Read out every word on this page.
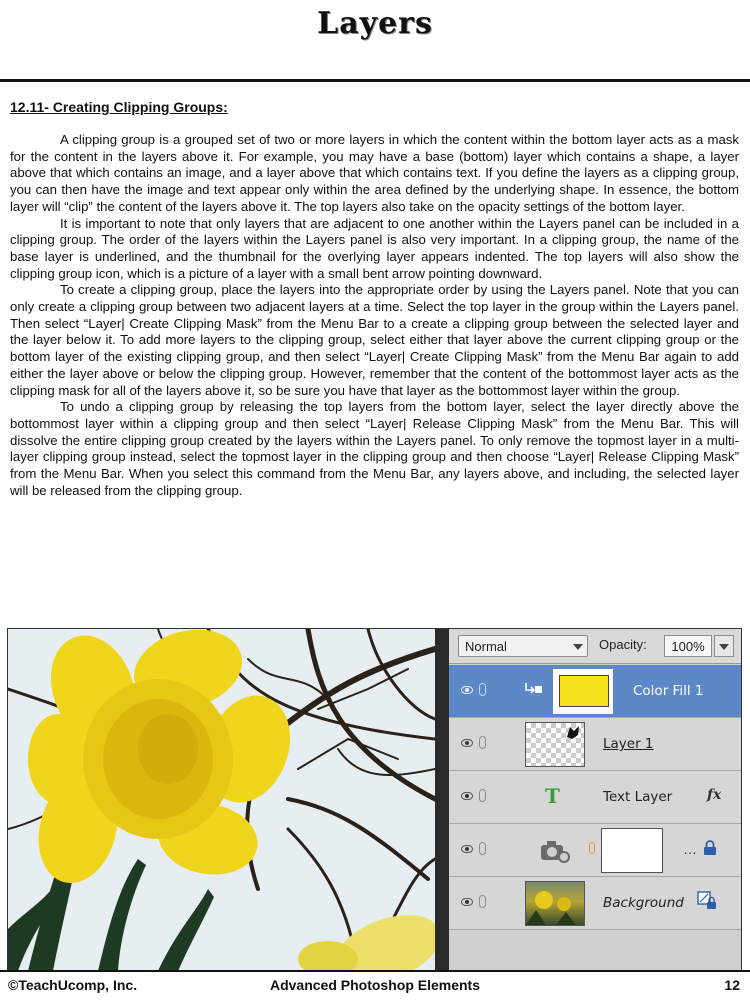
Layers
12.11- Creating Clipping Groups:

A clipping group is a grouped set of two or more layers in which the content within the bottom layer acts as a mask for the content in the layers above it. For example, you may have a base (bottom) layer which contains a shape, a layer above that which contains an image, and a layer above that which contains text. If you define the layers as a clipping group, you can then have the image and text appear only within the area defined by the underlying shape. In essence, the bottom layer will “clip” the content of the layers above it. The top layers also take on the opacity settings of the bottom layer.

It is important to note that only layers that are adjacent to one another within the Layers panel can be included in a clipping group. The order of the layers within the Layers panel is also very important. In a clipping group, the name of the base layer is underlined, and the thumbnail for the overlying layer appears indented. The top layers will also show the clipping group icon, which is a picture of a layer with a small bent arrow pointing downward.

To create a clipping group, place the layers into the appropriate order by using the Layers panel. Note that you can only create a clipping group between two adjacent layers at a time. Select the top layer in the group within the Layers panel. Then select “Layer| Create Clipping Mask” from the Menu Bar to a create a clipping group between the selected layer and the layer below it. To add more layers to the clipping group, select either that layer above the current clipping group or the bottom layer of the existing clipping group, and then select “Layer| Create Clipping Mask” from the Menu Bar again to add either the layer above or below the clipping group. However, remember that the content of the bottommost layer acts as the clipping mask for all of the layers above it, so be sure you have that layer as the bottommost layer within the group.

To undo a clipping group by releasing the top layers from the bottom layer, select the layer directly above the bottommost layer within a clipping group and then select “Layer| Release Clipping Mask” from the Menu Bar. This will dissolve the entire clipping group created by the layers within the Layers panel. To only remove the topmost layer in a multi-layer clipping group instead, select the topmost layer in the clipping group and then choose “Layer| Release Clipping Mask” from the Menu Bar. When you select this command from the Menu Bar, any layers above, and including, the selected layer will be released from the clipping group.

Normal	Opacity:	100%
Color Fill 1
Layer 1
T	Text Layer fx
…
Background
©TeachUcomp, Inc.	Advanced Photoshop Elements	12
